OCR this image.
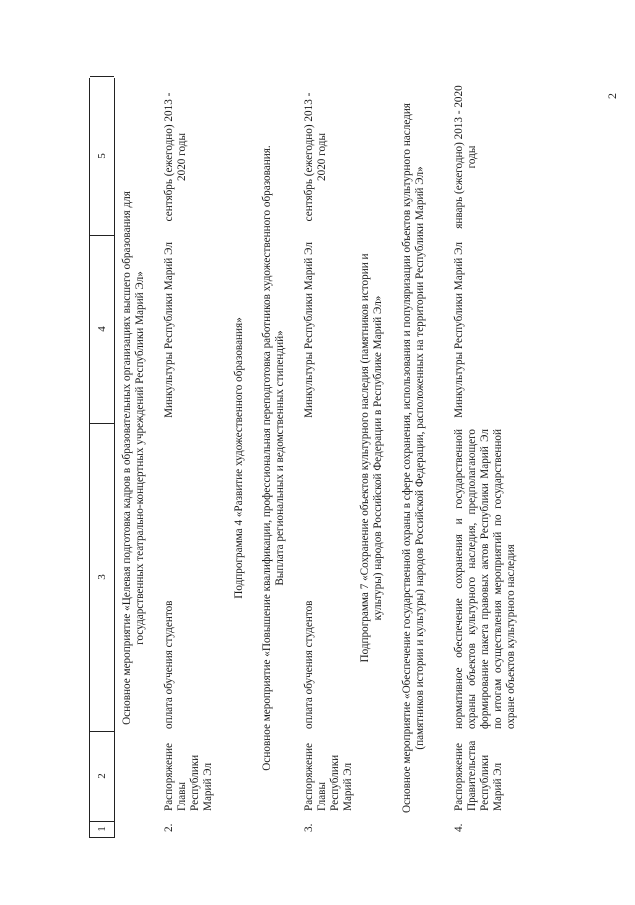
2
1
2
3
4
5
Основное мероприятие «Целевая подготовка кадров в образовательных организациях высшего образования для государственных театрально-концертных учреждений Республики Марий Эл»
2.
Распоряжение Главы Республики Марий Эл
оплата обучения студентов
Минкультуры Республики Марий Эл
сентябрь (ежегодно) 2013 - 2020 годы
Подпрограмма 4 «Развитие художественного образования» Основное мероприятие «Повышение квалификации, профессиональная переподготовка работников художественного образования. Выплата региональных и ведомственных стипендий»
3.
Распоряжение Главы Республики Марий Эл
оплата обучения студентов
Минкультуры Республики Марий Эл
сентябрь (ежегодно) 2013 - 2020 годы
Подпрограмма 7 «Сохранение объектов культурного наследия (памятников истории и культуры) народов Российской Федерации в Республике Марий Эл» Основное мероприятие «Обеспечение государственной охраны в сфере сохранения, использования и популяризации объектов культурного наследия (памятников истории и культуры) народов Российской Федерации, расположенных на территории Республики Марий Эл»
4.
Распоряжение Правительства Республики Марий Эл
нормативное обеспечение сохранения и государственной охраны объектов культурного наследия, предполагающего формирование пакета правовых актов Республики Марий Эл по итогам осуществления мероприятий по государственной охране объектов культурного наследия
Минкультуры Республики Марий Эл
январь (ежегодно) 2013 - 2020 годы
